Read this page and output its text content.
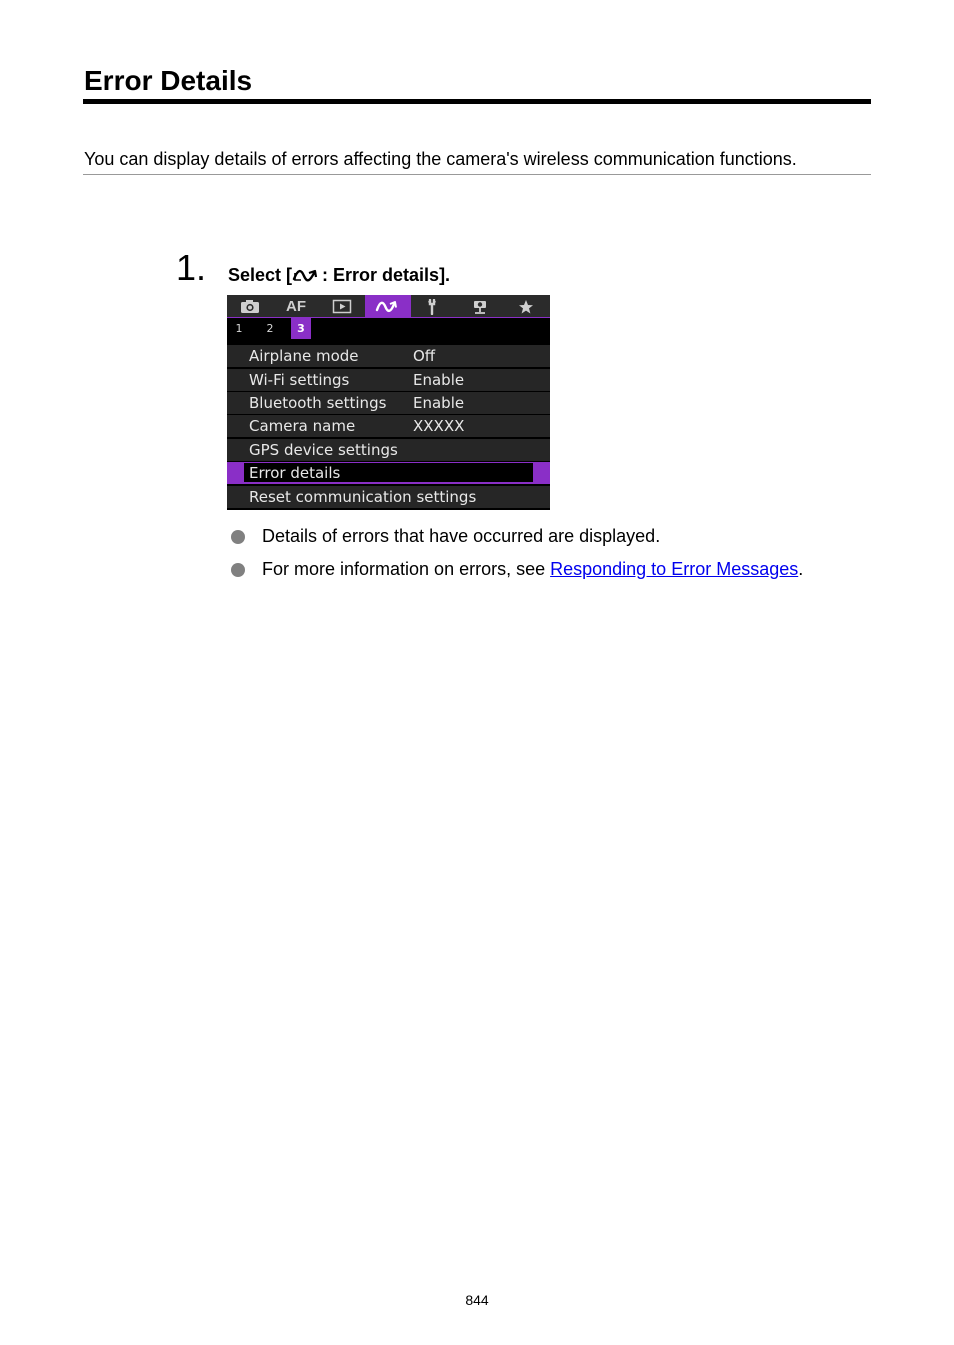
Error Details
You can display details of errors affecting the camera's wireless communication functions.
1. Select [ : Error details].
AF
1 2	3
Airplane mode	Off
Wi-Fi settings	Enable
Bluetooth settings Enable
Camera name	XXXXX
GPS device settings
Error details
Reset communication settings
Details of errors that have occurred are displayed.
For more information on errors, see Responding to Error Messages.
844
